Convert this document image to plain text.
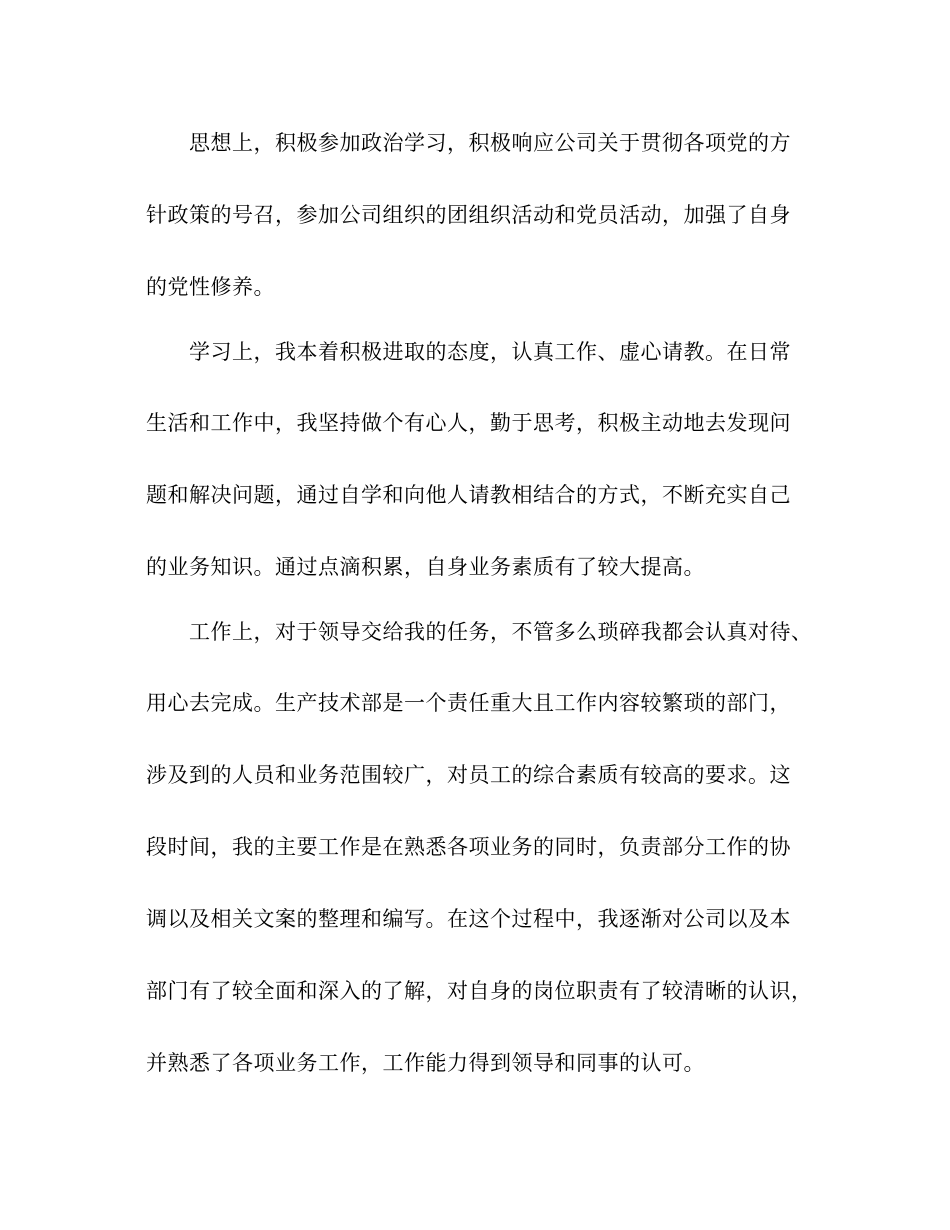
思想上，积极参加政治学习，积极响应公司关于贯彻各项党的方
针政策的号召，参加公司组织的团组织活动和党员活动，加强了自身
的党性修养。
学习上，我本着积极进取的态度，认真工作、虚心请教。在日常
生活和工作中，我坚持做个有心人，勤于思考，积极主动地去发现问
题和解决问题，通过自学和向他人请教相结合的方式，不断充实自己
的业务知识。通过点滴积累，自身业务素质有了较大提高。
工作上，对于领导交给我的任务，不管多么琐碎我都会认真对待、
用心去完成。生产技术部是一个责任重大且工作内容较繁琐的部门，
涉及到的人员和业务范围较广，对员工的综合素质有较高的要求。这
段时间，我的主要工作是在熟悉各项业务的同时，负责部分工作的协
调以及相关文案的整理和编写。在这个过程中，我逐渐对公司以及本
部门有了较全面和深入的了解，对自身的岗位职责有了较清晰的认识，
并熟悉了各项业务工作，工作能力得到领导和同事的认可。
